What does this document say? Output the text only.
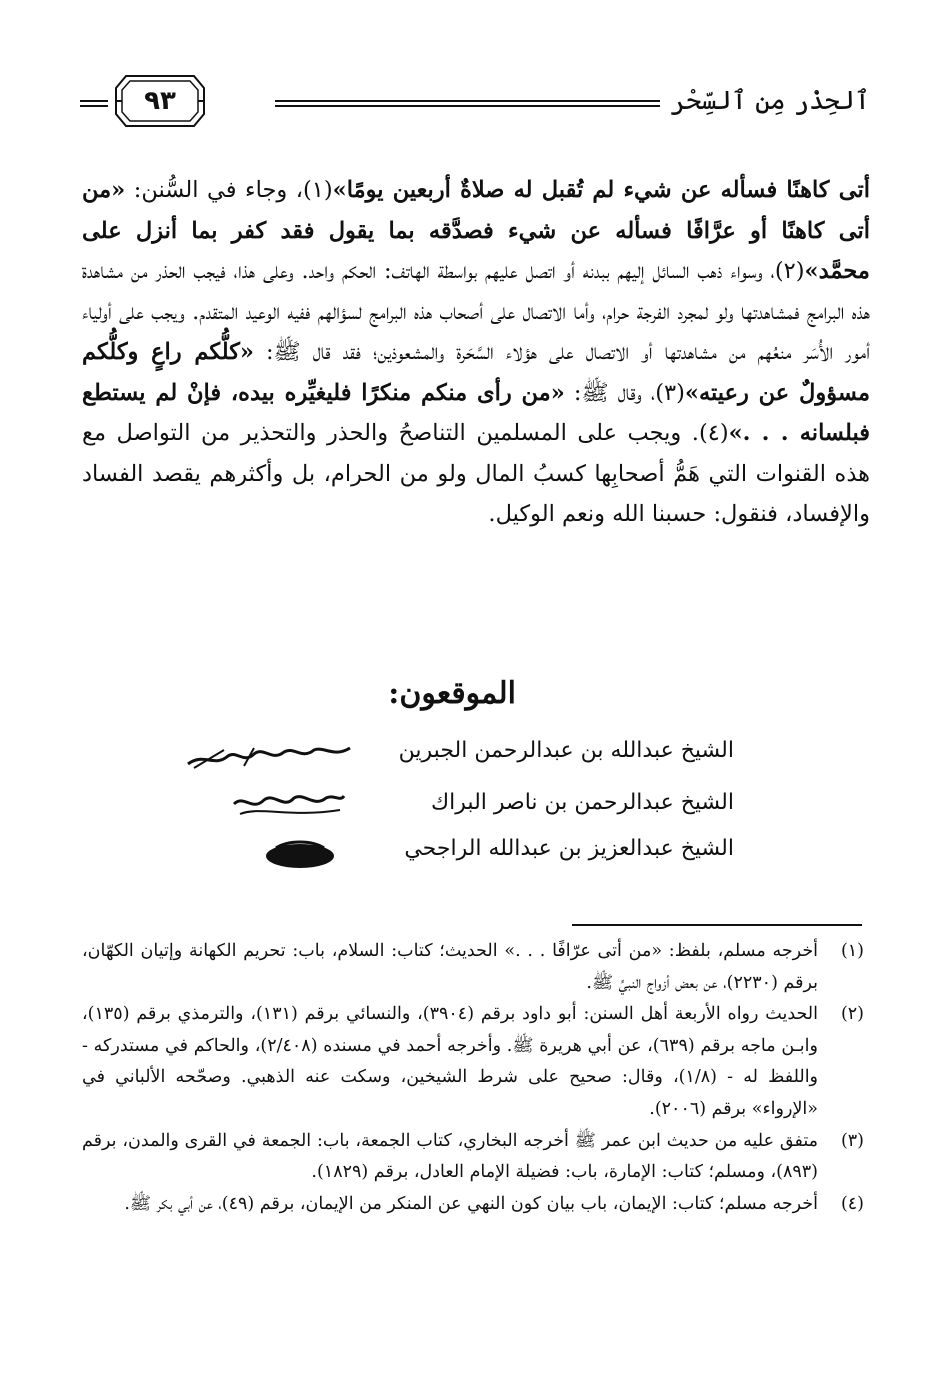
ٱلحِذْر مِن ٱلسِّحْر
٩٣

أتى كاهنًا فسأله عن شيء لم تُقبل له صلاةٌ أربعين يومًا»(١)، وجاء في السُّنن: «من أتى كاهنًا أو عرَّافًا فسأله عن شيء فصدَّقه بما يقول فقد كفر بما أنزل على محمَّد»(٢)، وسواء ذهب السائل إليهم ببدنه أو اتصل عليهم بواسطة الهاتف: الحكم واحد. وعلى هذا، فيجب الحذر من مشاهدة هذه البرامج فمشاهدتها ولو لمجرد الفرجة حرام، وأما الاتصال على أصحاب هذه البرامج لسؤالهم ففيه الوعيد المتقدم. ويجب على أولياء أمور الأُسَر منعُهم من مشاهدتها أو الاتصال على هؤلاء السَّحَرة والمشعوذين؛ فقد قال ﷺ: «كلُّكم راعٍ وكلُّكم مسؤولٌ عن رعيته»(٣)، وقال ﷺ: «من رأى منكم منكرًا فليغيِّره بيده، فإنْ لم يستطع فبلسانه . . .»(٤). ويجب على المسلمين التناصحُ والحذر والتحذير من التواصل مع هذه القنوات التي هَمُّ أصحابِها كسبُ المال ولو من الحرام، بل وأكثرهم يقصد الفساد والإفساد، فنقول: حسبنا الله ونعم الوكيل.

الموقعون:
الشيخ عبدالله بن عبدالرحمن الجبرين
الشيخ عبدالرحمن بن ناصر البراك
الشيخ عبدالعزيز بن عبدالله الراجحي

(١)
أخرجه مسلم، بلفظ: «من أتى عرّافًا . . .» الحديث؛ كتاب: السلام، باب: تحريم الكهانة وإتيان الكهّان، برقم (٢٢٣٠)، عن بعض أزواج النبيِّ ﷺ.

(٢)
الحديث رواه الأربعة أهل السنن: أبو داود برقم (٣٩٠٤)، والنسائي برقم (١٣١)، والترمذي برقم (١٣٥)، وابـن ماجه برقم (٦٣٩)، عن أبي هريرة ﷺ. وأخرجه أحمد في مسنده (٢/٤٠٨)، والحاكم في مستدركه - واللفظ له - (١/٨)، وقال: صحيح على شرط الشيخين، وسكت عنه الذهبي. وصحّحه الألباني في «الإرواء» برقم (٢٠٠٦).

(٣)
متفق عليه من حديث ابن عمر ﷺ أخرجه البخاري، كتاب الجمعة، باب: الجمعة في القرى والمدن، برقم (٨٩٣)، ومسلم؛ كتاب: الإمارة، باب: فضيلة الإمام العادل، برقم (١٨٢٩).

(٤)
أخرجه مسلم؛ كتاب: الإيمان، باب بيان كون النهي عن المنكر من الإيمان، برقم (٤٩)، عن أبي بكر ﷺ.
